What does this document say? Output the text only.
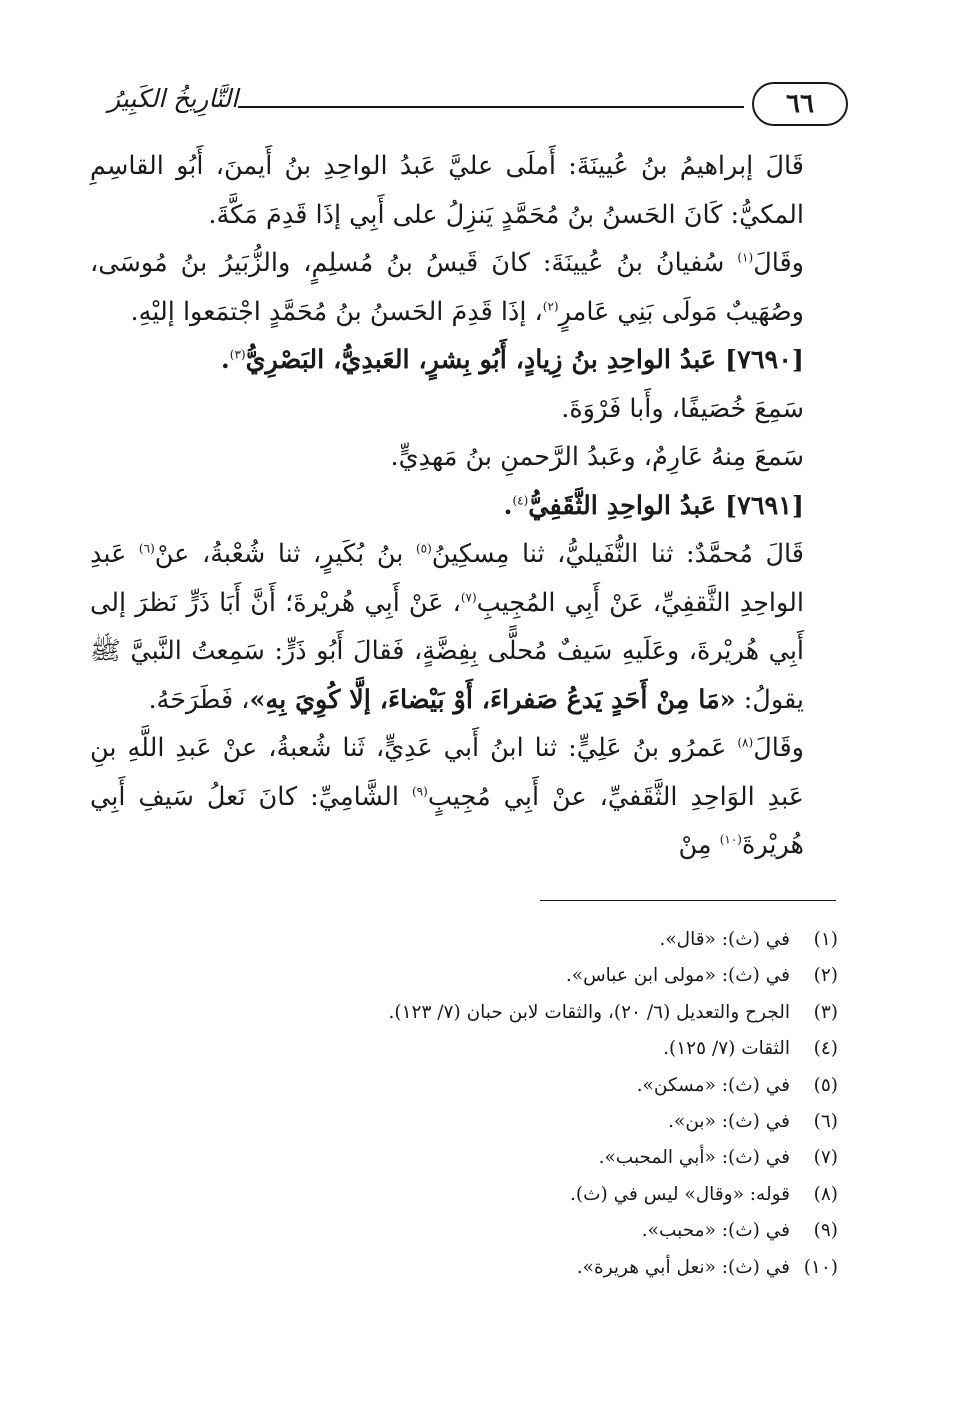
٦٦
التَّارِيخُ الكَبِيرُ

قَالَ إبراهيمُ بنُ عُيينَةَ: أَملَى عليَّ عَبدُ الواحِدِ بنُ أَيمنَ، أَبُو القاسِمِ المكيُّ: كَانَ الحَسنُ بنُ مُحَمَّدٍ يَنزِلُ على أَبِي إذَا قَدِمَ مَكَّةَ.

وقَالَ$^{(١)}$ سُفيانُ بنُ عُيينَةَ: كانَ قَيسُ بنُ مُسلِمٍ، والزُّبَيرُ بنُ مُوسَى، وصُهَيبٌ مَولَى بَنِي عَامرٍ$^{(٢)}$، إذَا قَدِمَ الحَسنُ بنُ مُحَمَّدٍ اجْتمَعوا إليْهِ.

[٧٦٩٠] عَبدُ الواحِدِ بنُ زِيادٍ، أَبُو بِشرٍ، العَبدِيُّ، البَصْرِيُّ$^{(٣)}$.

سَمِعَ خُصَيفًا، وأَبا فَرْوَةَ.

سَمعَ مِنهُ عَارِمٌ، وعَبدُ الرَّحمنِ بنُ مَهدِيٍّ.

[٧٦٩١] عَبدُ الواحِدِ الثَّقَفِيُّ$^{(٤)}$.

قَالَ مُحمَّدٌ: ثنا النُّفَيليُّ، ثنا مِسكِينُ$^{(٥)}$ بنُ بُكَيرٍ، ثنا شُعْبةُ، عنْ$^{(٦)}$ عَبدِ الواحِدِ الثَّقفِيِّ، عَنْ أَبِي المُجِيبِ$^{(٧)}$، عَنْ أَبِي هُريْرةَ؛ أَنَّ أَبَا ذَرٍّ نَظرَ إلى أَبِي هُريْرةَ، وعَلَيهِ سَيفٌ مُحلًّى بِفِضَّةٍ، فَقالَ أَبُو ذَرٍّ: سَمِعتُ النَّبيَّ ﷺ يقولُ: «مَا مِنْ أَحَدٍ يَدعُ صَفراءَ، أَوْ بَيْضاءَ، إلَّا كُوِيَ بِهِ»، فَطَرَحَهُ.

وقَالَ$^{(٨)}$ عَمرُو بنُ عَلِيٍّ: ثنا ابنُ أَبي عَدِيٍّ، ثَنا شُعبةُ، عنْ عَبدِ اللَّهِ بنِ عَبدِ الوَاحِدِ الثَّقَفيِّ، عنْ أَبِي مُجِيبٍ$^{(٩)}$ الشَّامِيِّ: كانَ نَعلُ سَيفِ أَبِي هُريْرةَ$^{(١٠)}$ مِنْ

(١)
في (ث): «قال».
(٢)
في (ث): «مولى ابن عباس».
(٣)
الجرح والتعديل (٦/ ٢٠)، والثقات لابن حبان (٧/ ١٢٣).
(٤)
الثقات (٧/ ١٢٥).
(٥)
في (ث): «مسكن».
(٦)
في (ث): «بن».
(٧)
في (ث): «أبي المحبب».
(٨)
قوله: «وقال» ليس في (ث).
(٩)
في (ث): «محبب».
(١٠)
في (ث): «نعل أبي هريرة».
